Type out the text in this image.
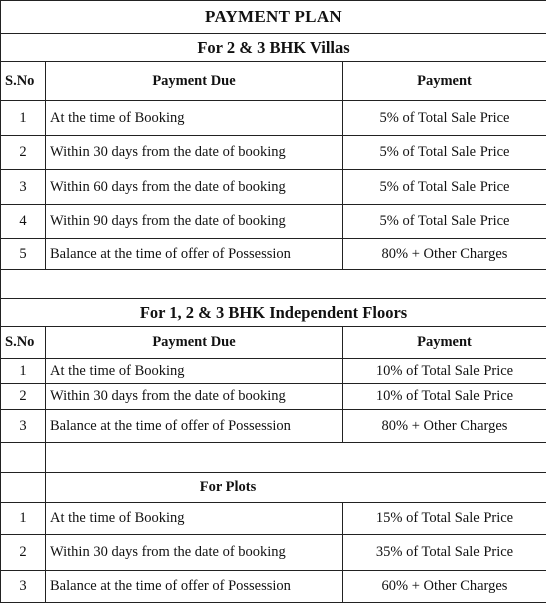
PAYMENT PLAN		
For 2 & 3 BHK Villas		
S.No	Payment Due	Payment
1	At the time of Booking	5% of Total Sale Price
2	Within 30 days from the date of booking	5% of Total Sale Price
3	Within 60 days from the date of booking	5% of Total Sale Price
4	Within 90 days from the date of booking	5% of Total Sale Price
5	Balance at the time of offer of Possession	80% + Other Charges

For 1, 2 & 3 BHK Independent Floors		
S.No	Payment Due	Payment
1	At the time of Booking	10% of Total Sale Price
2	Within 30 days from the date of booking	10% of Total Sale Price
3	Balance at the time of offer of Possession	80% + Other Charges

	For Plots	
1	At the time of Booking	15% of Total Sale Price
2	Within 30 days from the date of booking	35% of Total Sale Price
3	Balance at the time of offer of Possession	60% + Other Charges
